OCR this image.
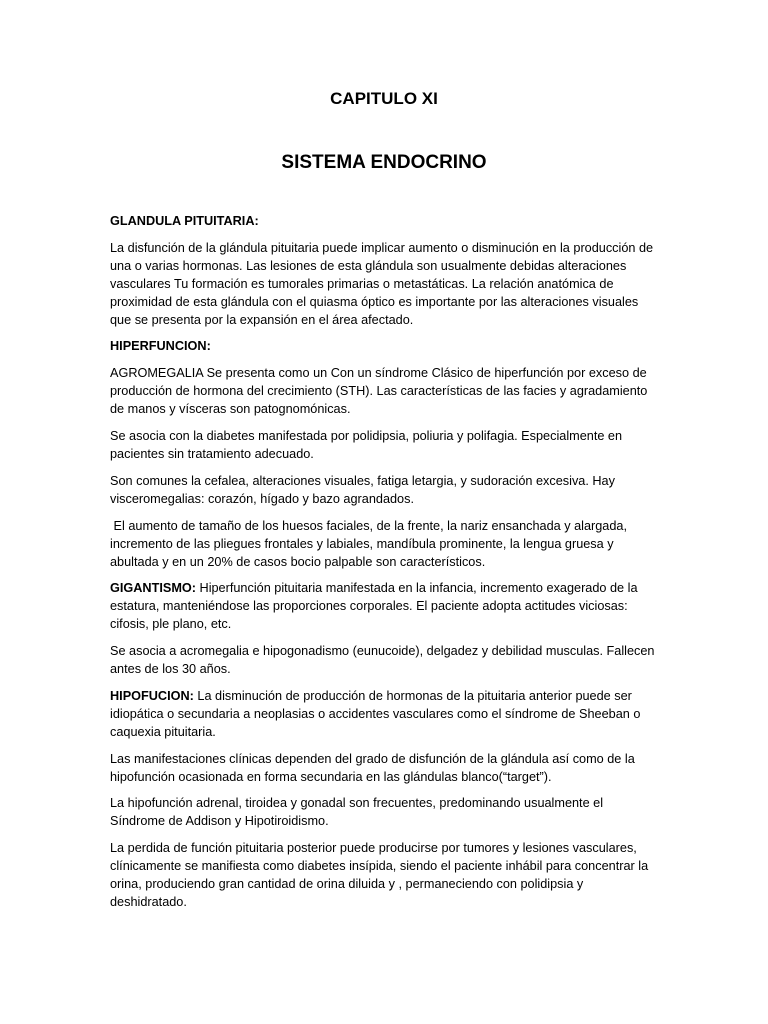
CAPITULO XI
SISTEMA ENDOCRINO

GLANDULA PITUITARIA:

La disfunción de la glándula pituitaria puede implicar aumento o disminución en la producción de una o varias hormonas. Las lesiones de esta glándula son usualmente debidas alteraciones vasculares Tu formación es tumorales primarias o metastáticas. La relación anatómica de proximidad de esta glándula con el quiasma óptico es importante por las alteraciones visuales que se presenta por la expansión en el área afectado.

HIPERFUNCION:

AGROMEGALIA Se presenta como un Con un síndrome Clásico de hiperfunción por exceso de producción de hormona del crecimiento (STH). Las características de las facies y agradamiento de manos y vísceras son patognomónicas.

Se asocia con la diabetes manifestada por polidipsia, poliuria y polifagia. Especialmente en pacientes sin tratamiento adecuado.

Son comunes la cefalea, alteraciones visuales, fatiga letargia, y sudoración excesiva. Hay visceromegalias: corazón, hígado y bazo agrandados.

El aumento de tamaño de los huesos faciales, de la frente, la nariz ensanchada y alargada, incremento de las pliegues frontales y labiales, mandíbula prominente, la lengua gruesa y abultada y en un 20% de casos bocio palpable son característicos.

GIGANTISMO: Hiperfunción pituitaria manifestada en la infancia, incremento exagerado de la estatura, manteniéndose las proporciones corporales. El paciente adopta actitudes viciosas: cifosis, ple plano, etc.

Se asocia a acromegalia e hipogonadismo (eunucoide), delgadez y debilidad musculas. Fallecen antes de los 30 años.

HIPOFUCION: La disminución de producción de hormonas de la pituitaria anterior puede ser idiopática o secundaria a neoplasias o accidentes vasculares como el síndrome de Sheeban o caquexia pituitaria.

Las manifestaciones clínicas dependen del grado de disfunción de la glándula así como de la hipofunción ocasionada en forma secundaria en las glándulas blanco(“target”).

La hipofunción adrenal, tiroidea y gonadal son frecuentes, predominando usualmente el Síndrome de Addison y Hipotiroidismo.

La perdida de función pituitaria posterior puede producirse por tumores y lesiones vasculares, clínicamente se manifiesta como diabetes insípida, siendo el paciente inhábil para concentrar la orina, produciendo gran cantidad de orina diluida y , permaneciendo con polidipsia y deshidratado.
